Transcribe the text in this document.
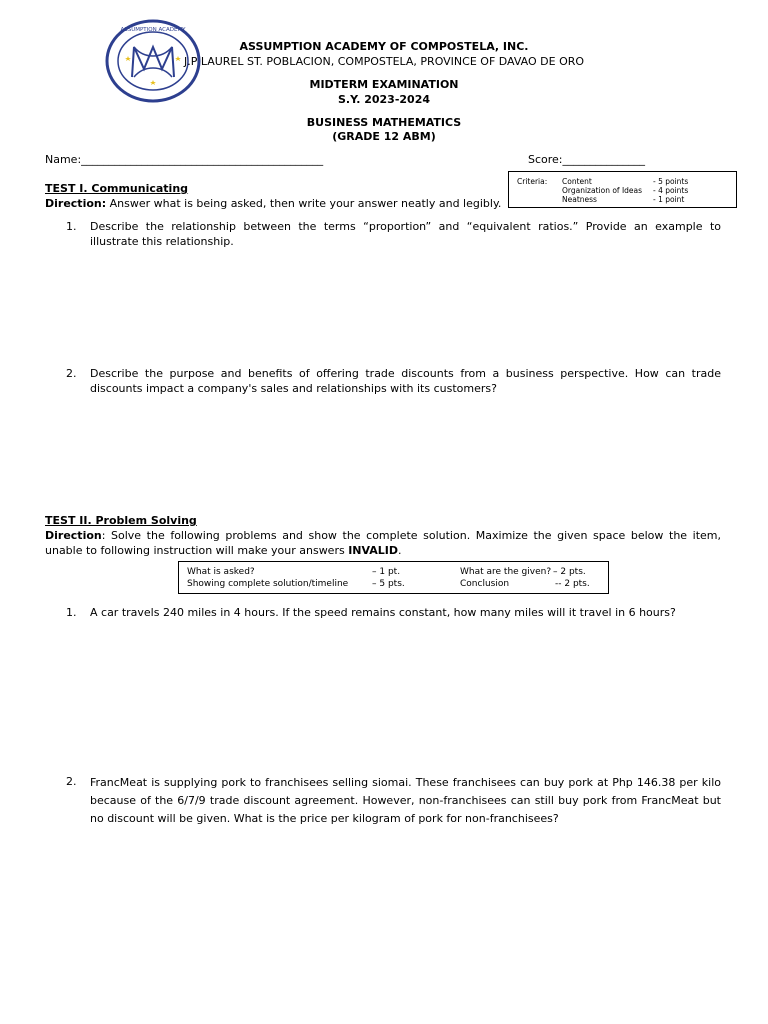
ASSUMPTION ACADEMY
ASSUMPTION ACADEMY OF COMPOSTELA, INC.
J.P LAUREL ST. POBLACION, COMPOSTELA, PROVINCE OF DAVAO DE ORO
MIDTERM EXAMINATION
S.Y. 2023-2024
BUSINESS MATHEMATICS
(GRADE 12 ABM)
Name:____________________________________________	Score:_______________
Criteria: Content	- 5 points
Organization of Ideas - 4 points
Neatness	- 1 point
TEST I. Communicating
Direction: Answer what is being asked, then write your answer neatly and legibly.
1. Describe the relationship between the terms “proportion” and “equivalent ratios.” Provide an example to illustrate this relationship.
2. Describe the purpose and benefits of offering trade discounts from a business perspective. How can trade discounts impact a company's sales and relationships with its customers?
TEST II. Problem Solving
Direction: Solve the following problems and show the complete solution. Maximize the given space below the item, unable to following instruction will make your answers INVALID.
What is asked?	– 1 pt.	What are the given? – 2 pts.
Showing complete solution/timeline	– 5 pts.	Conclusion	-- 2 pts.
1. A car travels 240 miles in 4 hours. If the speed remains constant, how many miles will it travel in 6 hours?
2. FrancMeat is supplying pork to franchisees selling siomai. These franchisees can buy pork at Php 146.38 per kilo because of the 6/7/9 trade discount agreement. However, non-franchisees can still buy pork from FrancMeat but no discount will be given. What is the price per kilogram of pork for non-franchisees?
